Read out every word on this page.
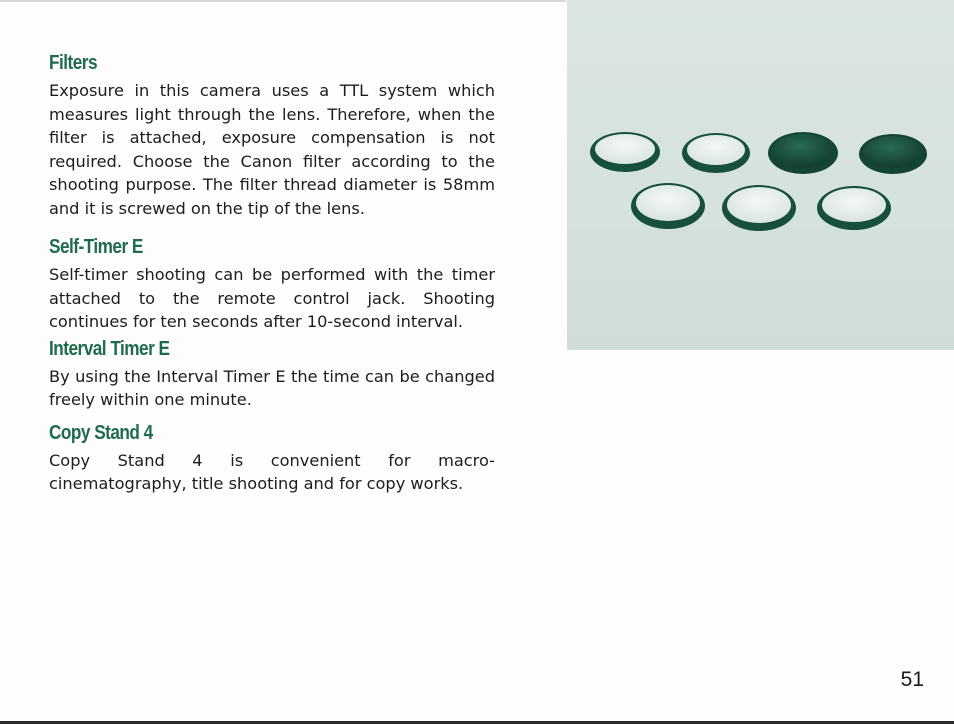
Filters

Exposure in this camera uses a TTL system which measures light through the lens. Therefore, when the filter is attached, exposure compensation is not required. Choose the Canon filter according to the shooting purpose. The filter thread diameter is 58mm and it is screwed on the tip of the lens.

Self-Timer E

Self-timer shooting can be performed with the timer attached to the remote control jack. Shooting continues for ten seconds after 10-second interval.

Interval Timer E

By using the Interval Timer E the time can be changed freely within one minute.

Copy Stand 4

Copy Stand 4 is convenient for macro-cinematography, title shooting and for copy works.

51
